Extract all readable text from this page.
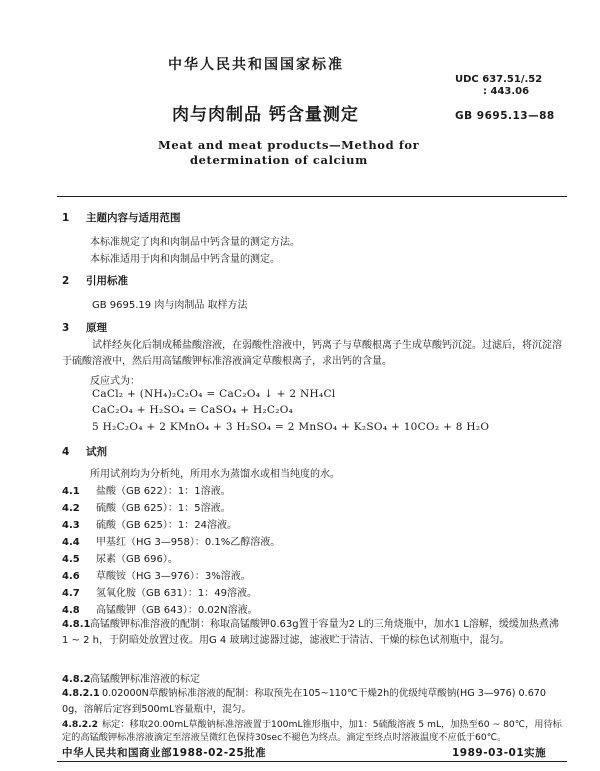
中华人民共和国国家标准
UDC 637.51/.52
: 443.06
GB 9695.13—88
肉与肉制品 钙含量测定
Meat and meat products—Method for
determination of calcium
1 主题内容与适用范围
本标准规定了肉和肉制品中钙含量的测定方法。
本标准适用于肉和肉制品中钙含量的测定。
2 引用标准
GB 9695.19 肉与肉制品 取样方法
3 原理
试样经灰化后制成稀盐酸溶液，在弱酸性溶液中，钙离子与草酸根离子生成草酸钙沉淀。过滤后，将沉淀溶于硫酸溶液中，然后用高锰酸钾标准溶液滴定草酸根离子，求出钙的含量。
反应式为：
CaCl₂ + (NH₄)₂C₂O₄ = CaC₂O₄ ↓ + 2 NH₄Cl
CaC₂O₄ + H₂SO₄ = CaSO₄ + H₂C₂O₄
5 H₂C₂O₄ + 2 KMnO₄ + 3 H₂SO₄ = 2 MnSO₄ + K₂SO₄ + 10CO₂ + 8 H₂O
4 试剂
所用试剂均为分析纯，所用水为蒸馏水或相当纯度的水。
4.1 盐酸（GB 622）：1：1溶液。
4.2 硫酸（GB 625）：1：5溶液。
4.3 硫酸（GB 625）：1：24溶液。
4.4 甲基红（HG 3—958）：0.1%乙醇溶液。
4.5 尿素（GB 696）。
4.6 草酸铵（HG 3—976）：3%溶液。
4.7 氢氧化胺（GB 631）：1：49溶液。
4.8 高锰酸钾（GB 643）：0.02N溶液。
4.8.1高锰酸钾标准溶液的配制：称取高锰酸钾0.63g置于容量为2 L的三角烧瓶中，加水1 L溶解，缓缓加热煮沸1 ~ 2 h，于阴暗处放置过夜。用G 4 玻璃过滤器过滤，滤液贮于清洁、干燥的棕色试剂瓶中，混匀。
4.8.2高锰酸钾标准溶液的标定
4.8.2.1 0.02000N草酸钠标准溶液的配制：称取预先在105~110℃干燥2h的优级纯草酸钠(HG 3—976) 0.670 0g，溶解后定容到500mL容量瓶中，混匀。
4.8.2.2 标定：移取20.00mL草酸钠标准溶液置于100mL锥形瓶中，加1：5硫酸溶液 5 mL，加热至60 ~ 80℃，用待标定的高锰酸钾标准溶液滴定至溶液呈微红色保持30sec不褪色为终点。滴定至终点时溶液温度不应低于60℃。
中华人民共和国商业部1988-02-25批准	1989-03-01实施
